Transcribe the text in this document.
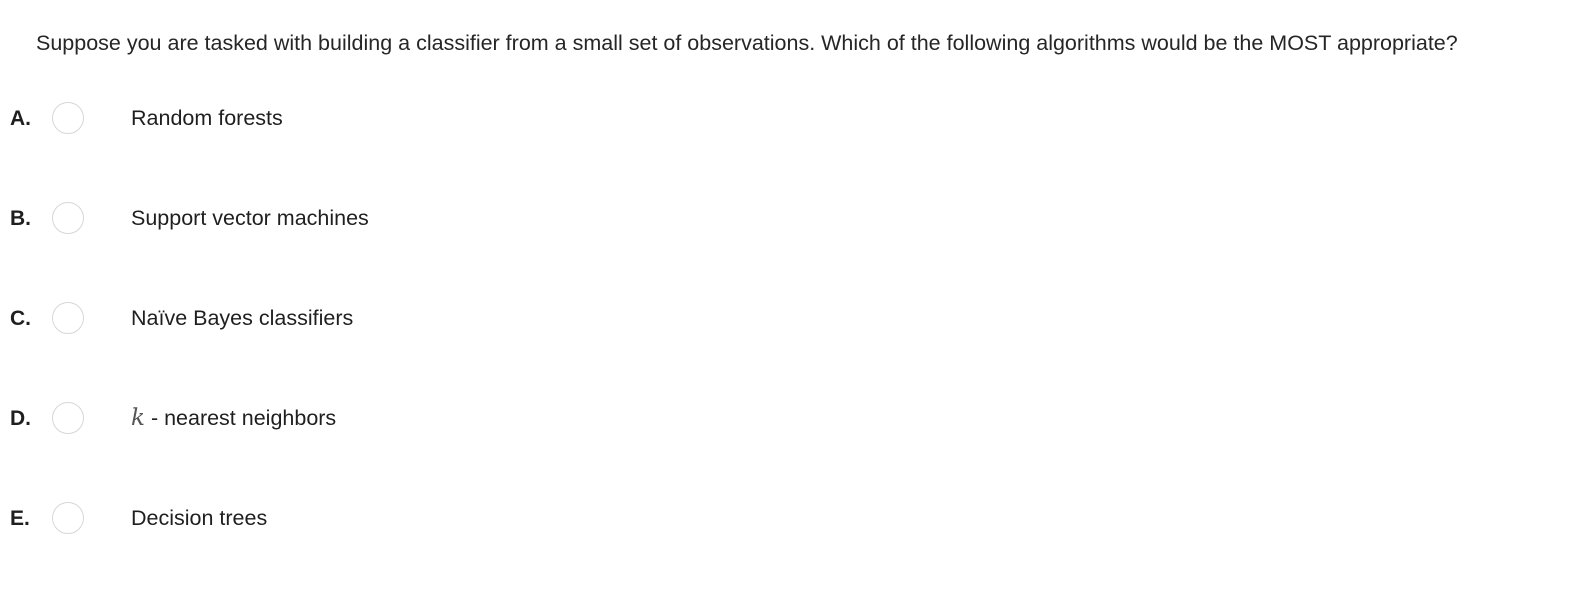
Suppose you are tasked with building a classifier from a small set of observations. Which of the following algorithms would be the MOST appropriate?
A.	Random forests
B.	Support vector machines
C.	Naïve Bayes classifiers
D.	k - nearest neighbors
E.	Decision trees
